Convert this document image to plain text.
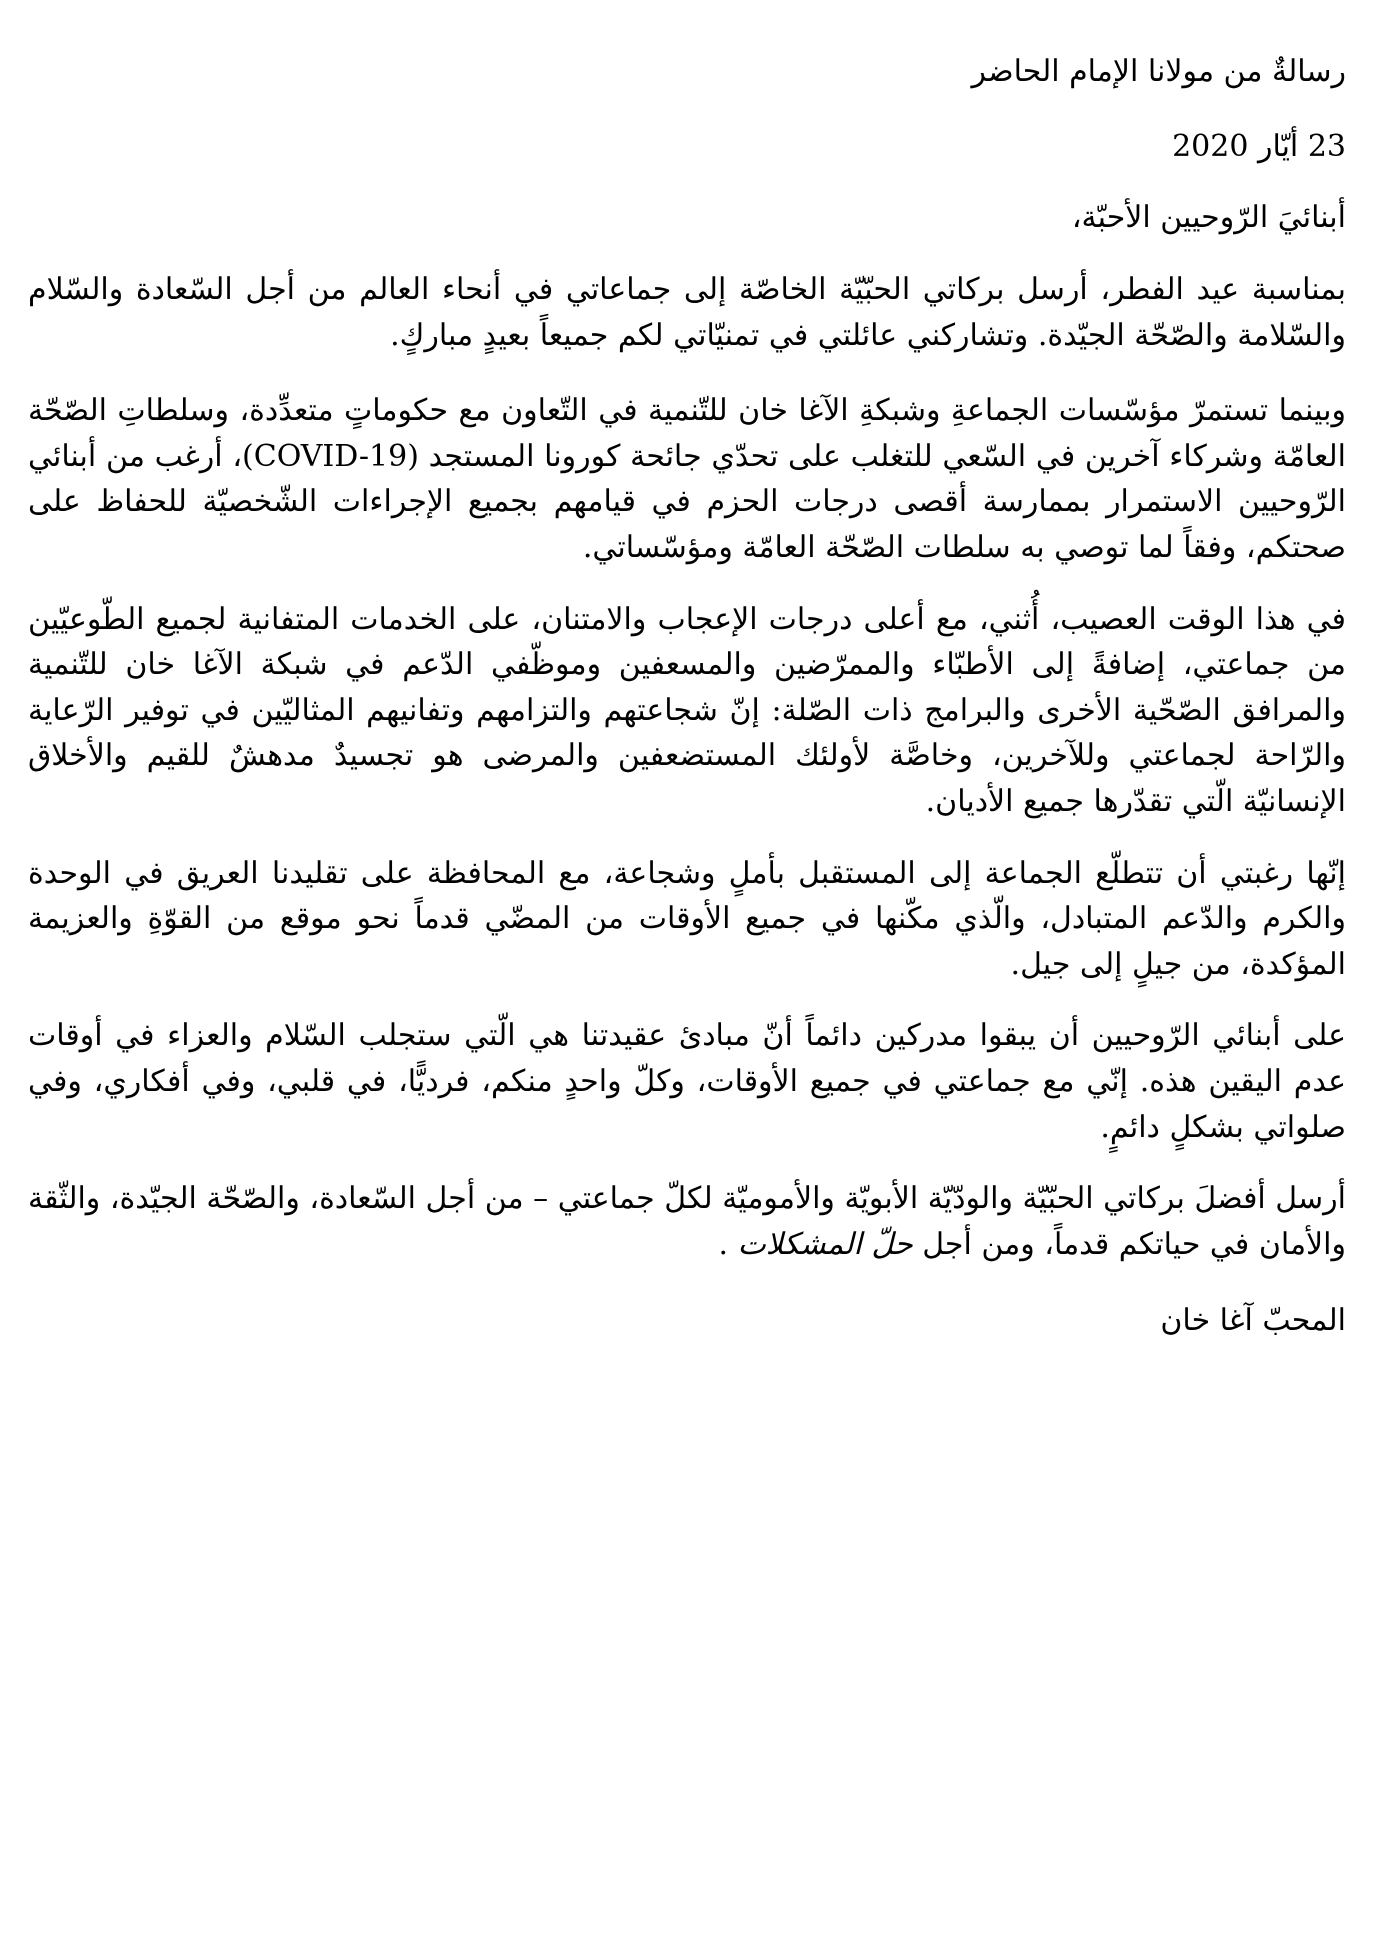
رسالةٌ من مولانا الإمام الحاضر
23 أيّار 2020
أبنائيَ الرّوحيين الأحبّة،

بمناسبة عيد الفطر، أرسل بركاتي الحبّيّة الخاصّة إلى جماعاتي في أنحاء العالم من أجل السّعادة والسّلام والسّلامة والصّحّة الجيّدة. وتشاركني عائلتي في تمنيّاتي لكم جميعاً بعيدٍ مباركٍ.

وبينما تستمرّ مؤسّسات الجماعةِ وشبكةِ الآغا خان للتّنمية في التّعاون مع حكوماتٍ متعدِّدة، وسلطاتِ الصّحّة العامّة وشركاء آخرين في السّعي للتغلب على تحدّي جائحة كورونا المستجد (COVID-19)، أرغب من أبنائي الرّوحيين الاستمرار بممارسة أقصى درجات الحزم في قيامهم بجميع الإجراءات الشّخصيّة للحفاظ على صحتكم، وفقاً لما توصي به سلطات الصّحّة العامّة ومؤسّساتي.

في هذا الوقت العصيب، أُثني، مع أعلى درجات الإعجاب والامتنان، على الخدمات المتفانية لجميع الطّوعيّين من جماعتي، إضافةً إلى الأطبّاء والممرّضين والمسعفين وموظّفي الدّعم في شبكة الآغا خان للتّنمية والمرافق الصّحّية الأخرى والبرامج ذات الصّلة: إنّ شجاعتهم والتزامهم وتفانيهم المثاليّين في توفير الرّعاية والرّاحة لجماعتي وللآخرين، وخاصَّة لأولئك المستضعفين والمرضى هو تجسيدٌ مدهشٌ للقيم والأخلاق الإنسانيّة الّتي تقدّرها جميع الأديان.

إنّها رغبتي أن تتطلّع الجماعة إلى المستقبل بأملٍ وشجاعة، مع المحافظة على تقليدنا العريق في الوحدة والكرم والدّعم المتبادل، والّذي مكّنها في جميع الأوقات من المضّي قدماً نحو موقع من القوّةِ والعزيمة المؤكدة، من جيلٍ إلى جيل.

على أبنائي الرّوحيين أن يبقوا مدركين دائماً أنّ مبادئ عقيدتنا هي الّتي ستجلب السّلام والعزاء في أوقات عدم اليقين هذه. إنّي مع جماعتي في جميع الأوقات، وكلّ واحدٍ منكم، فرديًّا، في قلبي، وفي أفكاري، وفي صلواتي بشكلٍ دائمٍ.

أرسل أفضلَ بركاتي الحبّيّة والودّيّة الأبويّة والأموميّة لكلّ جماعتي – من أجل السّعادة، والصّحّة الجيّدة، والثّقة والأمان في حياتكم قدماً، ومن أجل حلّ المشكلات .

المحبّ آغا خان
